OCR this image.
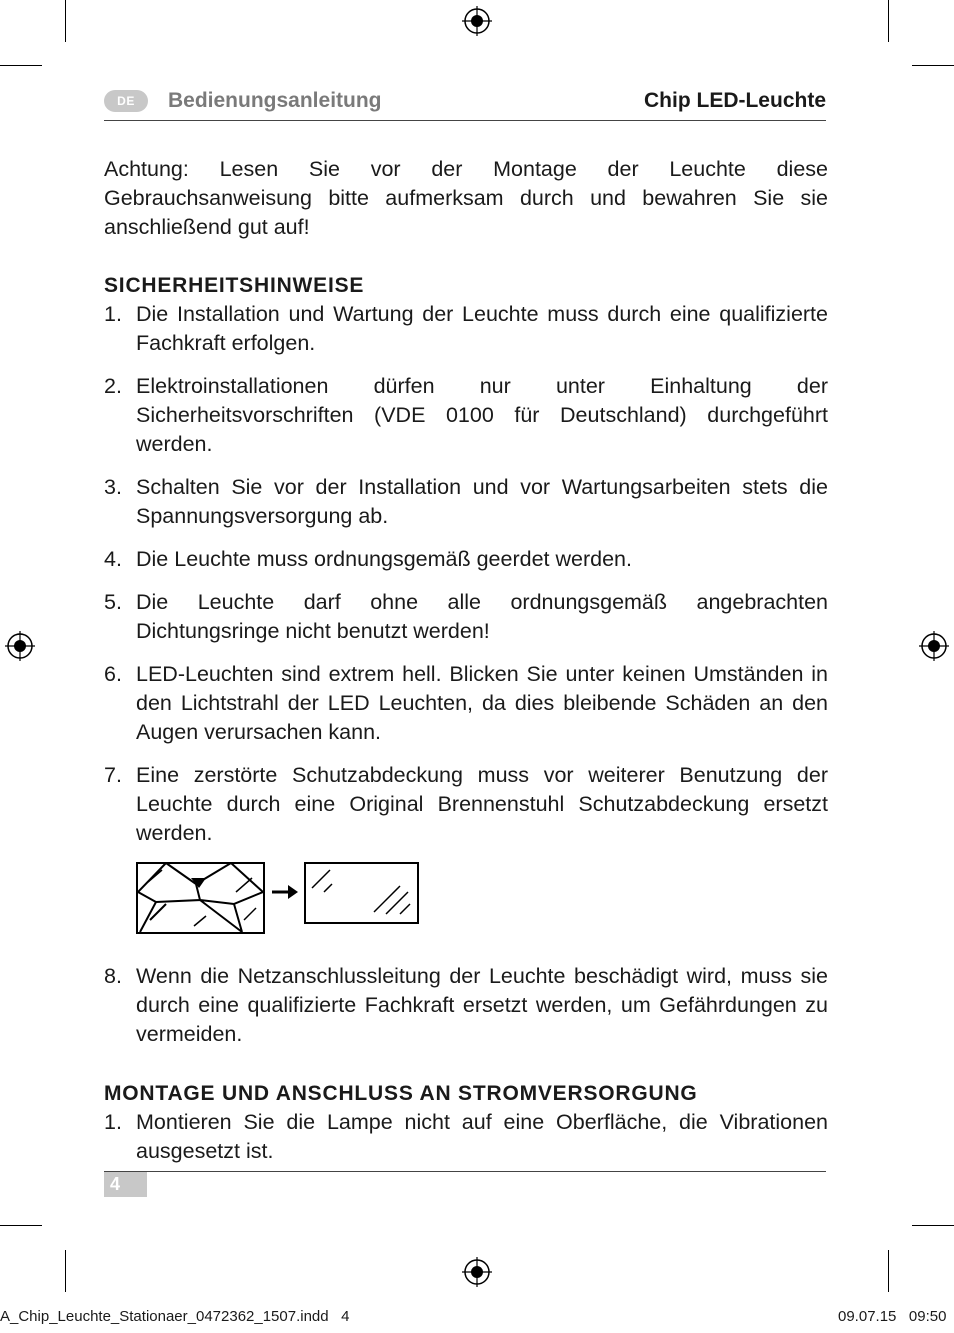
DE	Bedienungsanleitung	Chip LED-Leuchte

Achtung: Lesen Sie vor der Montage der Leuchte diese Gebrauchsanweisung bitte aufmerksam durch und bewahren Sie sie anschließend gut auf!

SICHERHEITSHINWEISE
1. Die Installation und Wartung der Leuchte muss durch eine qualifizierte Fachkraft erfolgen.
2. Elektroinstallationen dürfen nur unter Einhaltung der Sicherheitsvorschriften (VDE 0100 für Deutschland) durchgeführt werden.
3. Schalten Sie vor der Installation und vor Wartungsarbeiten stets die Spannungsversorgung ab.
4. Die Leuchte muss ordnungsgemäß geerdet werden.
5. Die Leuchte darf ohne alle ordnungsgemäß angebrachten Dichtungsringe nicht benutzt werden!
6. LED-Leuchten sind extrem hell. Blicken Sie unter keinen Umständen in den Lichtstrahl der LED Leuchten, da dies bleibende Schäden an den Augen verursachen kann.
7. Eine zerstörte Schutzabdeckung muss vor weiterer Benutzung der Leuchte durch eine Original Brennenstuhl Schutzabdeckung ersetzt werden.
8. Wenn die Netzanschlussleitung der Leuchte beschädigt wird, muss sie durch eine qualifizierte Fachkraft ersetzt werden, um Gefährdungen zu vermeiden.
MONTAGE UND ANSCHLUSS AN STROMVERSORGUNG
1. Montieren Sie die Lampe nicht auf eine Oberfläche, die Vibrationen ausgesetzt ist.
4
A_Chip_Leuchte_Stationaer_0472362_1507.indd   4	09.07.15   09:50
